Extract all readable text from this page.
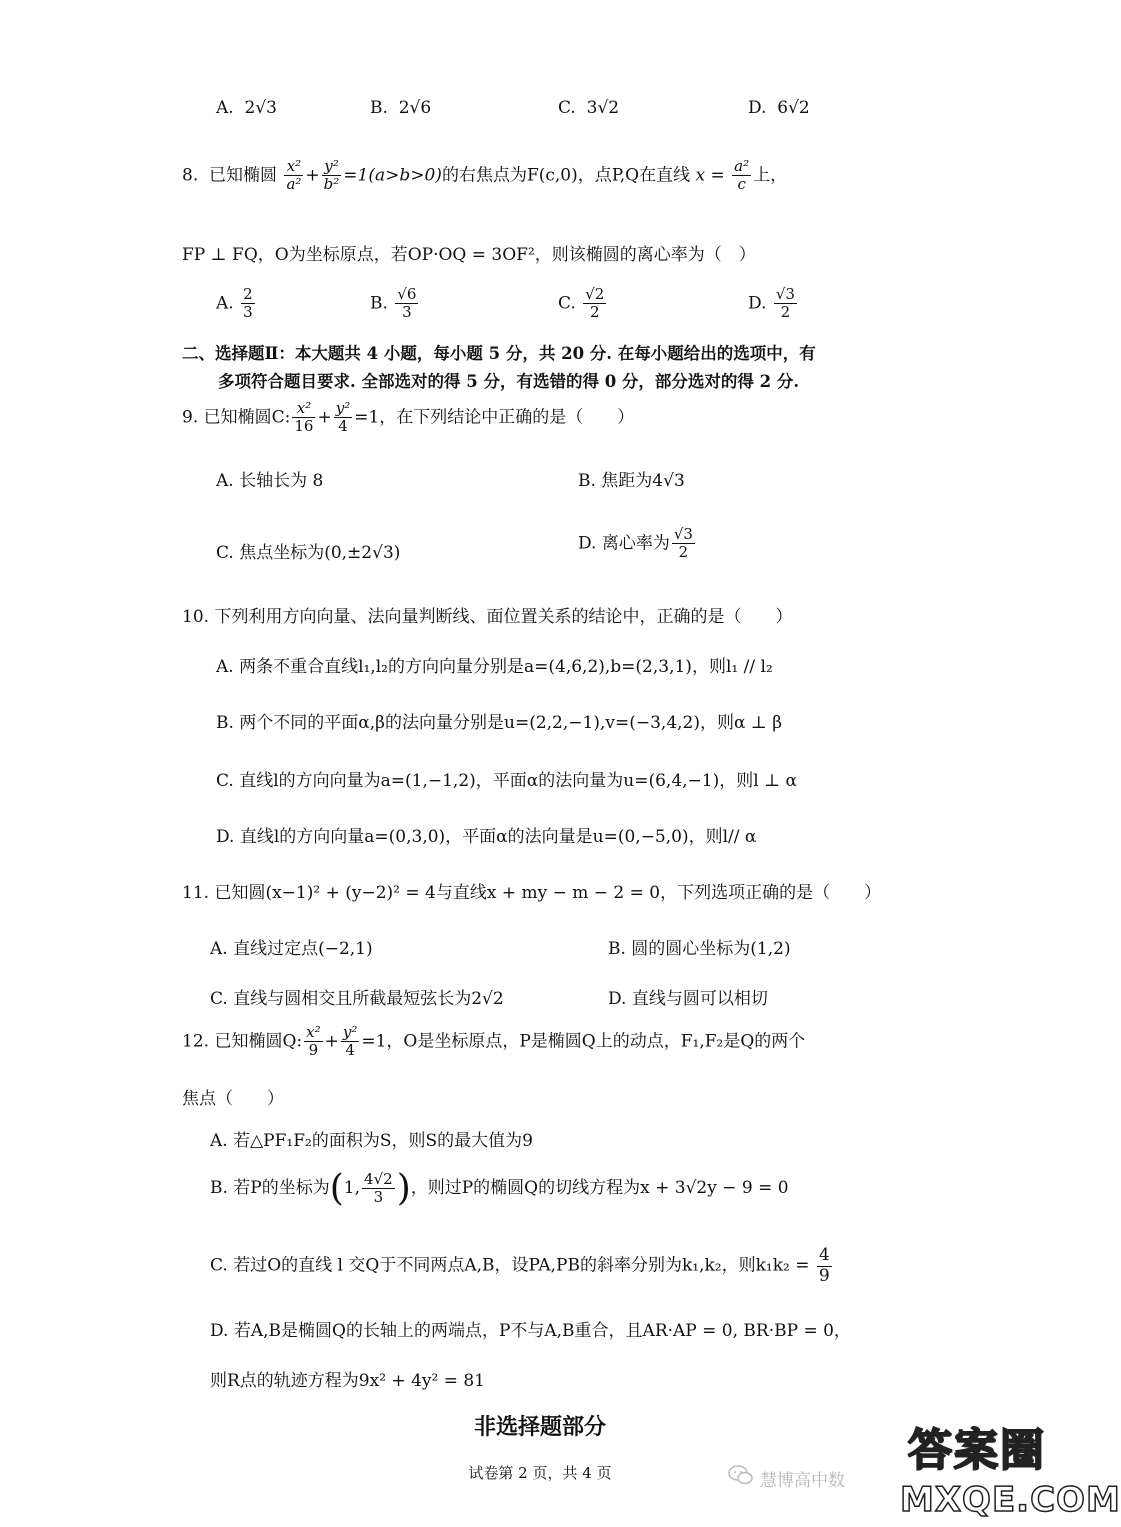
A. 2√3	B. 2√6	C. 3√2	D. 6√2
8. 已知椭圆 $\frac{\text{x²}}{\text{a²}} + \frac{\text{y²}}{\text{b²}} =1(a>b>0)$的右焦点为F(c,0)，点P,Q在直线 $x = \frac{\text{a²}}{c}$ 上，
FP ⊥ FQ，O为坐标原点，若OP·OQ = 3OF²，则该椭圆的离心率为（　）
A. $\frac{2}{3}$	B. $\frac{√6}{3}$	C. $\frac{√2}{2}$	D. $\frac{√3}{2}$
二、选择题Ⅱ：本大题共 4 小题，每小题 5 分，共 20 分. 在每小题给出的选项中，有
多项符合题目要求. 全部选对的得 5 分，有选错的得 0 分，部分选对的得 2 分.
9. 已知椭圆C: $\frac{\text{x²}}{16} + \frac{\text{y²}}{4} =1$，在下列结论中正确的是（　　）
A. 长轴长为 8	B. 焦距为4√3
C. 焦点坐标为(0,±2√3)	D. 离心率为 $\frac{√3}{2}$
10. 下列利用方向向量、法向量判断线、面位置关系的结论中，正确的是（　　）
A. 两条不重合直线l₁,l₂的方向向量分别是a=(4,6,2),b=(2,3,1)，则l₁ // l₂
B. 两个不同的平面α,β的法向量分别是u=(2,2,−1),v=(−3,4,2)，则α ⊥ β
C. 直线l的方向向量为a=(1,−1,2)，平面α的法向量为u=(6,4,−1)，则l ⊥ α
D. 直线l的方向向量a=(0,3,0)，平面α的法向量是u=(0,−5,0)，则l// α
11. 已知圆(x−1)² + (y−2)² = 4与直线x + my − m − 2 = 0，下列选项正确的是（　　）
A. 直线过定点(−2,1)	B. 圆的圆心坐标为(1,2)
C. 直线与圆相交且所截最短弦长为2√2	D. 直线与圆可以相切
12. 已知椭圆Q: $\frac{\text{x²}}{9} + \frac{\text{y²}}{4} =1$，O是坐标原点，P是椭圆Q上的动点，F₁,F₂是Q的两个
焦点（　　）
A. 若△PF₁F₂的面积为S，则S的最大值为9
B. 若P的坐标为(1, $\frac{4√2}{3}$ )，则过P的椭圆Q的切线方程为x + 3√2y − 9 = 0
C. 若过O的直线 l 交Q于不同两点A,B，设PA,PB的斜率分别为k₁,k₂，则$k_1k_2 = \frac{4}{9}$
D. 若A,B是椭圆Q的长轴上的两端点，P不与A,B重合，且AR·AP = 0, BR·BP = 0，
则R点的轨迹方程为9x² + 4y² = 81
非选择题部分
试卷第 2 页，共 4 页	慧博高中数
答案圈
MXQE.COM
